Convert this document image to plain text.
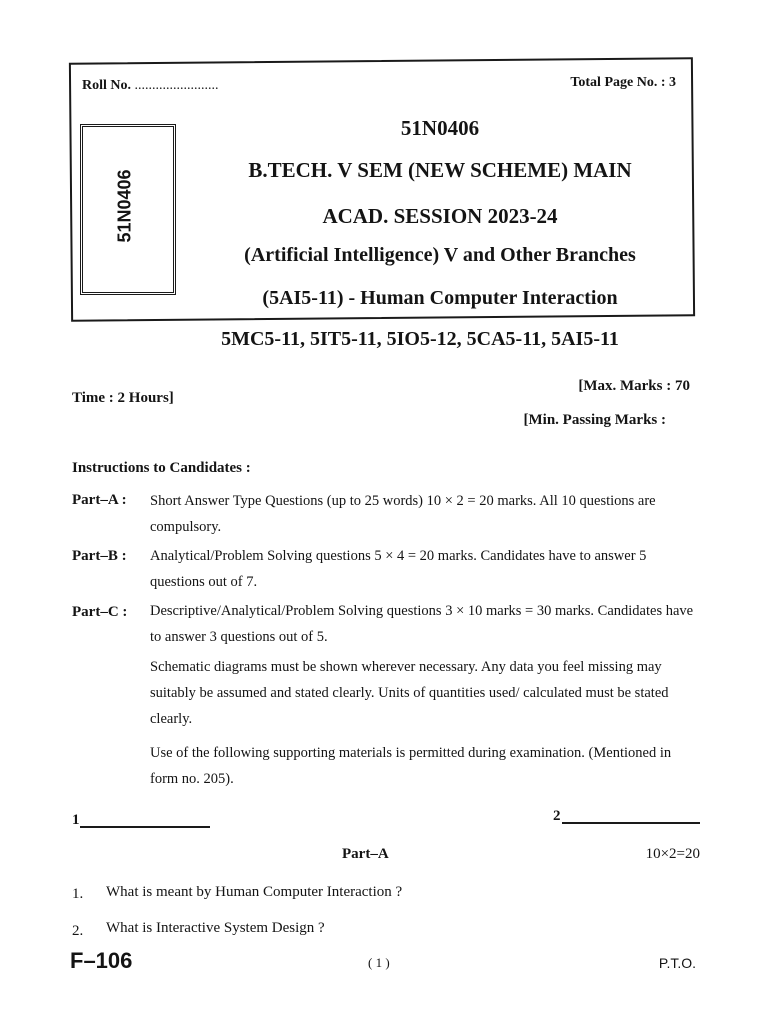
51N0406
Roll No. ........................	Total Page No. : 3
51N0406
B.TECH. V SEM (NEW SCHEME) MAIN
ACAD. SESSION 2023-24
(Artificial Intelligence) V and Other Branches
(5AI5-11) - Human Computer Interaction
5MC5-11, 5IT5-11, 5IO5-12, 5CA5-11, 5AI5-11
Time : 2 Hours]
[Max. Marks : 70
[Min. Passing Marks :
Instructions to Candidates :
Part–A : Short Answer Type Questions (up to 25 words) 10 × 2 = 20 marks. All 10 questions are compulsory.
Part–B : Analytical/Problem Solving questions 5 × 4 = 20 marks. Candidates have to answer 5 questions out of 7.
Part–C : Descriptive/Analytical/Problem Solving questions 3 × 10 marks = 30 marks. Candidates have to answer 3 questions out of 5.
Schematic diagrams must be shown wherever necessary. Any data you feel missing may suitably be assumed and stated clearly. Units of quantities used/ calculated must be stated clearly.
Use of the following supporting materials is permitted during examination. (Mentioned in form no. 205).
1	2
Part–A	10×2=20
1. What is meant by Human Computer Interaction ?
2. What is Interactive System Design ?
F–106	( 1 )	P.T.O.
